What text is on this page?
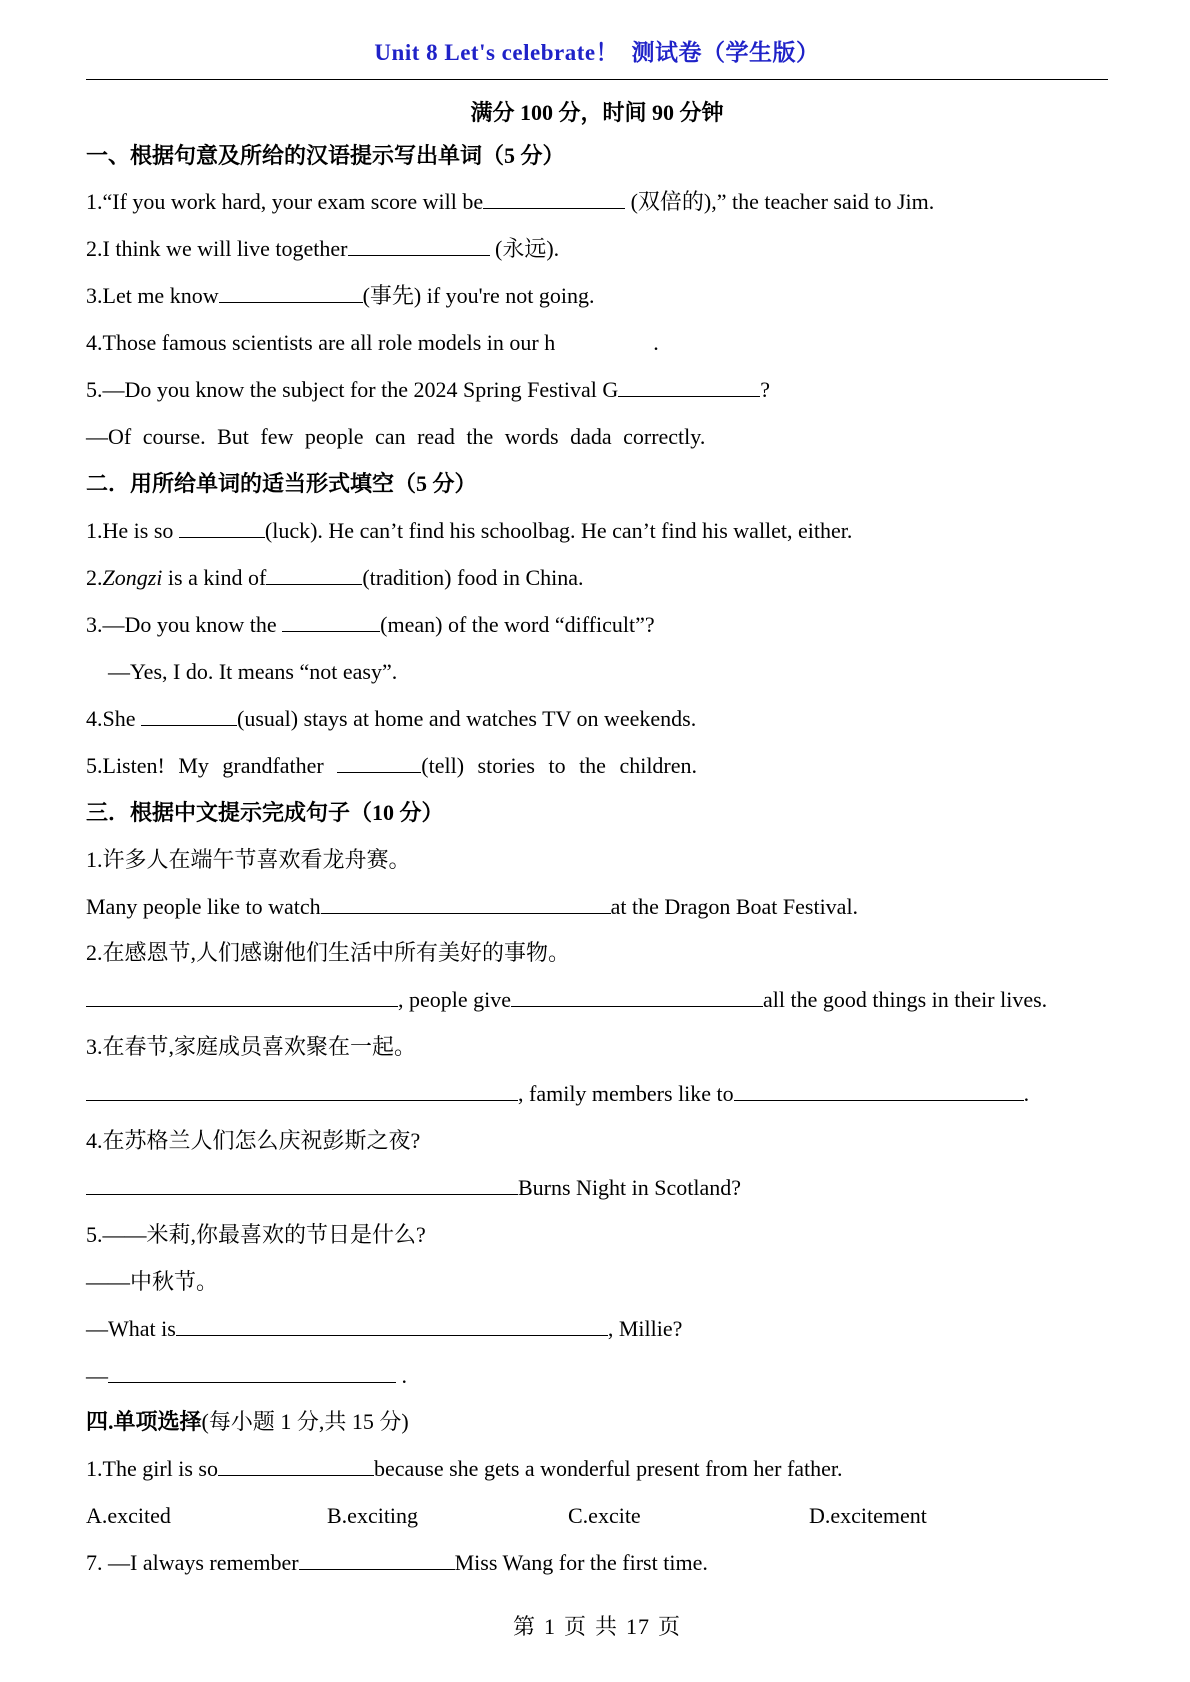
Unit 8 Let's celebrate！  测试卷（学生版）
满分 100 分，时间 90 分钟
一、根据句意及所给的汉语提示写出单词（5 分）
1.“If you work hard, your exam score will be	(双倍的),” the teacher said to Jim.
2.I think we will live together	(永远).
3.Let me know	(事先) if you're not going.
4.Those famous scientists are all role models in our h	.
5.—Do you know the subject for the 2024 Spring Festival G	?
—Of course. But few people can read the words dada correctly.
二．用所给单词的适当形式填空（5 分）
1.He is so	(luck). He can’t find his schoolbag. He can’t find his wallet, either.
2.Zongzi is a kind of	(tradition) food in China.
3.—Do you know the	(mean) of the word “difficult”?
—Yes, I do. It means “not easy”.
4.She	(usual) stays at home and watches TV on weekends.
5.Listen! My grandfather	(tell) stories to the children.
三．根据中文提示完成句子（10 分）
1.许多人在端午节喜欢看龙舟赛。
Many people like to watch	at the Dragon Boat Festival.
2.在感恩节,人们感谢他们生活中所有美好的事物。
, people give	all the good things in their lives.
3.在春节,家庭成员喜欢聚在一起。
, family members like to	.
4.在苏格兰人们怎么庆祝彭斯之夜?
Burns Night in Scotland?
5.——米莉,你最喜欢的节日是什么?
——中秋节。
—What is	, Millie?
—	.
四.单项选择(每小题 1 分,共 15 分)
1.The girl is so	because she gets a wonderful present from her father.
A.excited	B.exciting	C.excite	D.excitement
7. —I always remember	Miss Wang for the first time.
第 1 页 共 17 页
